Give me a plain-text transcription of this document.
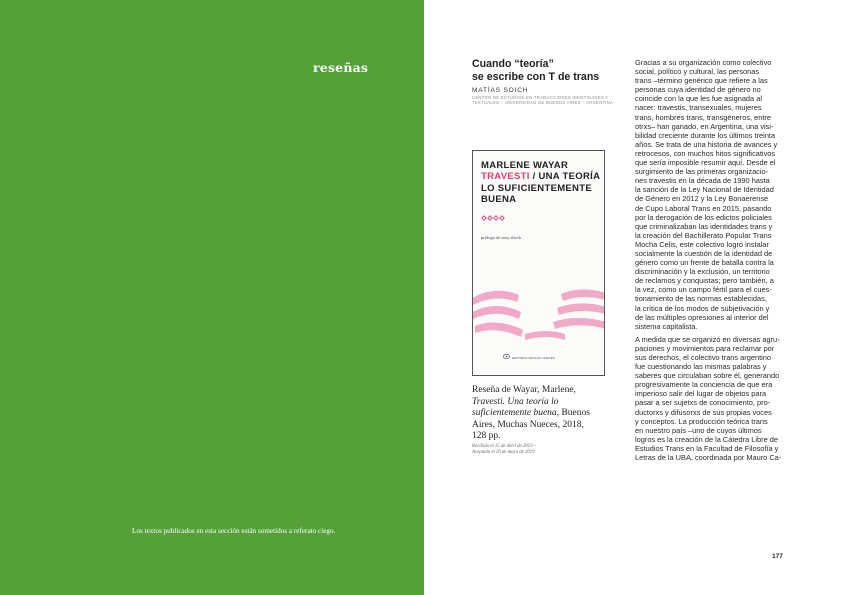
reseñas
Los textos publicados en esta sección están sometidos a referato ciego.
Cuando “teoría”
se escribe con T de trans
MATÍAS SOICH
CENTRO DE ESTUDIOS EN TRADUCCIONES IDENTIDADES Y
TEXTUALES – UNIVERSIDAD DE BUENOS AIRES – ARGENTINA
MARLENE WAYAR
TRAVESTI / UNA TEORÍA
LO SUFICIENTEMENTE
BUENA
prólogo de susy shock
EDITORIAL MUCHAS NUECES
Reseña de Wayar, Marlene,
Travesti. Una teoría lo
suficientemente buena, Buenos
Aires, Muchas Nueces, 2018,
128 pp.
Recibida el 15 de abril de 2019 –
Aceptada el 20 de mayo de 2019
Gracias a su organización como colectivo
social, político y cultural, las personas
trans –término genérico que refiere a las
personas cuya identidad de género no
coincide con la que les fue asignada al
nacer: travestis, transexuales, mujeres
trans, hombres trans, transgéneros, entre
otrxs– han ganado, en Argentina, una visi-
bilidad creciente durante los últimos treinta
años. Se trata de una historia de avances y
retrocesos, con muchos hitos significativos
que sería imposible resumir aquí. Desde el
surgimiento de las primeras organizacio-
nes travestis en la década de 1990 hasta
la sanción de la Ley Nacional de Identidad
de Género en 2012 y la Ley Bonaerense
de Cupo Laboral Trans en 2015, pasando
por la derogación de los edictos policiales
que criminalizaban las identidades trans y
la creación del Bachillerato Popular Trans
Mocha Celis, este colectivo logró instalar
socialmente la cuestión de la identidad de
género como un frente de batalla contra la
discriminación y la exclusión, un territorio
de reclamos y conquistas; pero también, a
la vez, como un campo fértil para el cues-
tionamiento de las normas establecidas,
la crítica de los modos de subjetivación y
de las múltiples opresiones al interior del
sistema capitalista.
A medida que se organizó en diversas agru-
paciones y movimientos para reclamar por
sus derechos, el colectivo trans argentino
fue cuestionando las mismas palabras y
saberes que circulaban sobre él, generando
progresivamente la conciencia de que era
imperioso salir del lugar de objetos para
pasar a ser sujetxs de conocimiento, pro-
ductorxs y difusorxs de sus propias voces
y conceptos. La producción teórica trans
en nuestro país –uno de cuyos últimos
logros es la creación de la Cátedra Libre de
Estudios Trans en la Facultad de Filosofía y
Letras de la UBA, coordinada por Mauro Ca-
177
